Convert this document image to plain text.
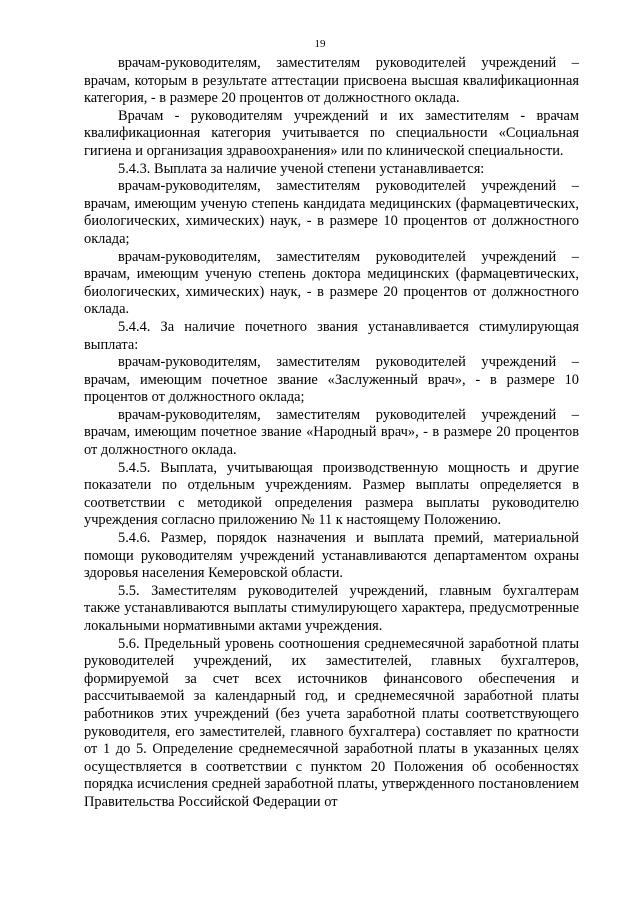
19

врачам-руководителям, заместителям руководителей учреждений – врачам, которым в результате аттестации присвоена высшая квалификационная категория, - в размере 20 процентов от должностного оклада.

Врачам - руководителям учреждений и их заместителям - врачам квалификационная категория учитывается по специальности «Социальная гигиена и организация здравоохранения» или по клинической специальности.

5.4.3. Выплата за наличие ученой степени устанавливается:

врачам-руководителям, заместителям руководителей учреждений – врачам, имеющим ученую степень кандидата медицинских (фармацевтических, биологических, химических) наук, - в размере 10 процентов от должностного оклада;

врачам-руководителям, заместителям руководителей учреждений – врачам, имеющим ученую степень доктора медицинских (фармацевтических, биологических, химических) наук, - в размере 20 процентов от должностного оклада.

5.4.4. За наличие почетного звания устанавливается стимулирующая выплата:

врачам-руководителям, заместителям руководителей учреждений – врачам, имеющим почетное звание «Заслуженный врач», - в размере 10 процентов от должностного оклада;

врачам-руководителям, заместителям руководителей учреждений – врачам, имеющим почетное звание «Народный врач», - в размере 20 процентов от должностного оклада.

5.4.5. Выплата, учитывающая производственную мощность и другие показатели по отдельным учреждениям. Размер выплаты определяется в соответствии с методикой определения размера выплаты руководителю учреждения согласно приложению № 11 к настоящему Положению.

5.4.6. Размер, порядок назначения и выплата премий, материальной помощи руководителям учреждений устанавливаются департаментом охраны здоровья населения Кемеровской области.

5.5. Заместителям руководителей учреждений, главным бухгалтерам также устанавливаются выплаты стимулирующего характера, предусмотренные локальными нормативными актами учреждения.

5.6. Предельный уровень соотношения среднемесячной заработной платы руководителей учреждений, их заместителей, главных бухгалтеров, формируемой за счет всех источников финансового обеспечения и рассчитываемой за календарный год, и среднемесячной заработной платы работников этих учреждений (без учета заработной платы соответствующего руководителя, его заместителей, главного бухгалтера) составляет по кратности от 1 до 5. Определение среднемесячной заработной платы в указанных целях осуществляется в соответствии с пунктом 20 Положения об особенностях порядка исчисления средней заработной платы, утвержденного постановлением Правительства Российской Федерации от
